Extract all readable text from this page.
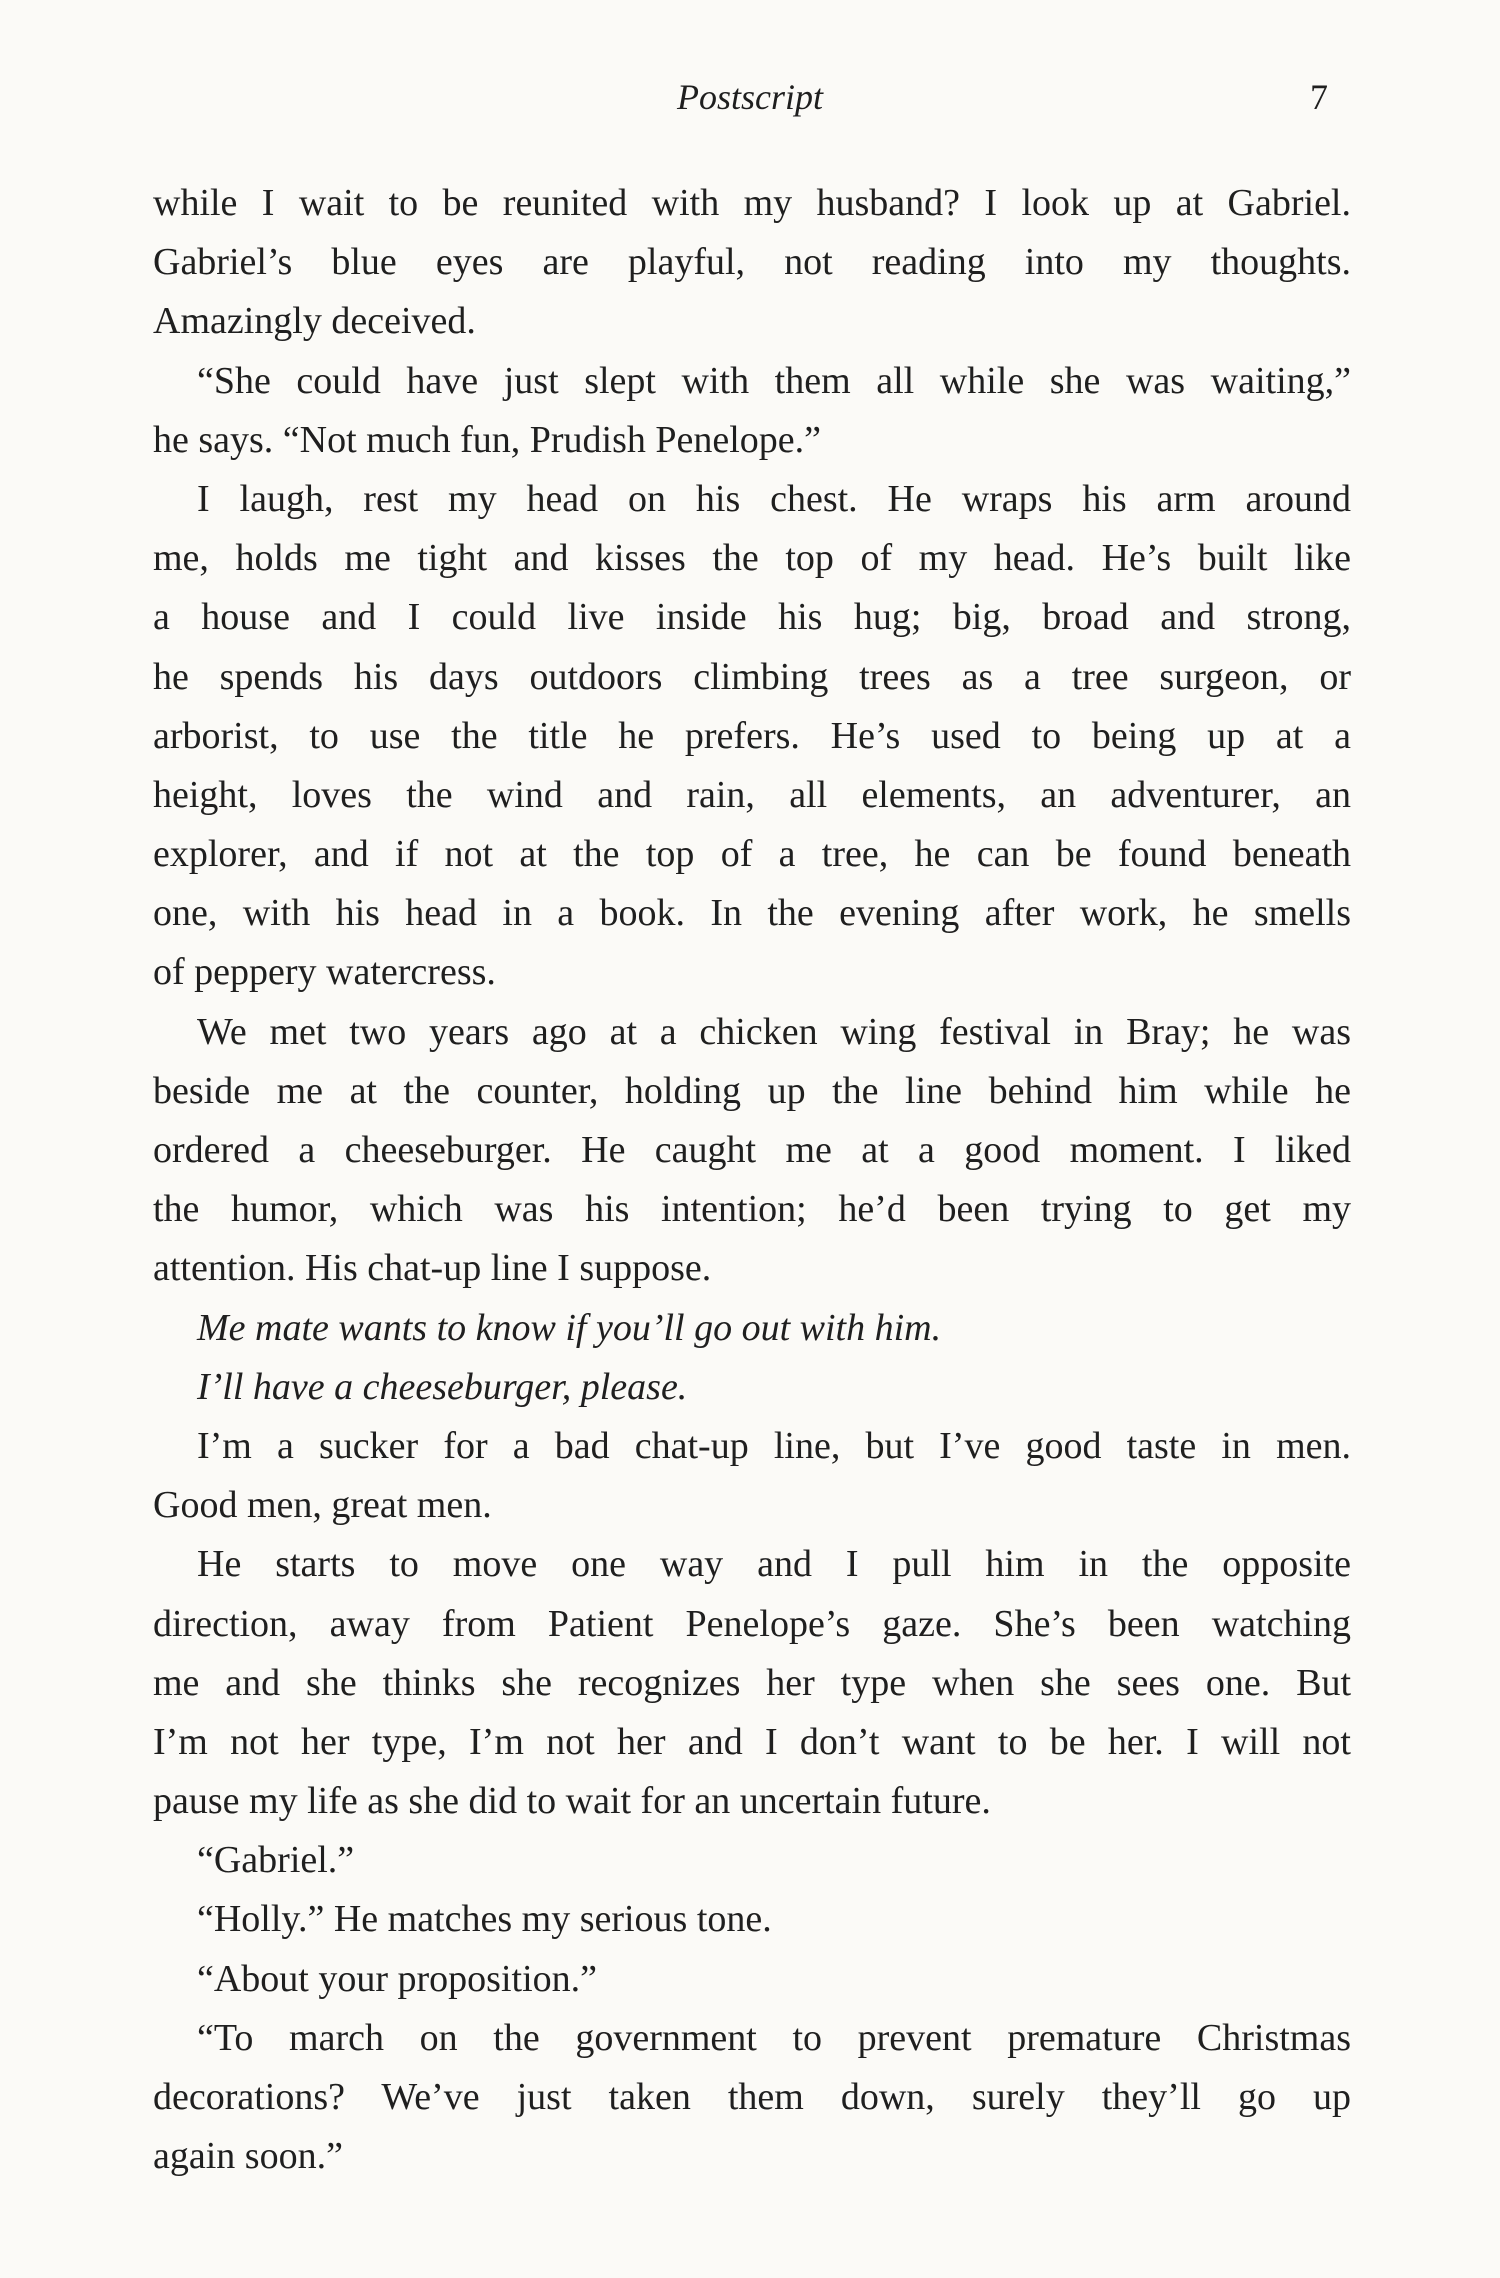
Postscript	7
while I wait to be reunited with my husband? I look up at Gabriel.
Gabriel’s blue eyes are playful, not reading into my thoughts.
Amazingly deceived.
“She could have just slept with them all while she was waiting,”
he says. “Not much fun, Prudish Penelope.”
I laugh, rest my head on his chest. He wraps his arm around
me, holds me tight and kisses the top of my head. He’s built like
a house and I could live inside his hug; big, broad and strong,
he spends his days outdoors climbing trees as a tree surgeon, or
arborist, to use the title he prefers. He’s used to being up at a
height, loves the wind and rain, all elements, an adventurer, an
explorer, and if not at the top of a tree, he can be found beneath
one, with his head in a book. In the evening after work, he smells
of peppery watercress.
We met two years ago at a chicken wing festival in Bray; he was
beside me at the counter, holding up the line behind him while he
ordered a cheeseburger. He caught me at a good moment. I liked
the humor, which was his intention; he’d been trying to get my
attention. His chat-up line I suppose.
Me mate wants to know if you’ll go out with him.
I’ll have a cheeseburger, please.
I’m a sucker for a bad chat-up line, but I’ve good taste in men.
Good men, great men.
He starts to move one way and I pull him in the opposite
direction, away from Patient Penelope’s gaze. She’s been watching
me and she thinks she recognizes her type when she sees one. But
I’m not her type, I’m not her and I don’t want to be her. I will not
pause my life as she did to wait for an uncertain future.
“Gabriel.”
“Holly.” He matches my serious tone.
“About your proposition.”
“To march on the government to prevent premature Christmas
decorations? We’ve just taken them down, surely they’ll go up
again soon.”
